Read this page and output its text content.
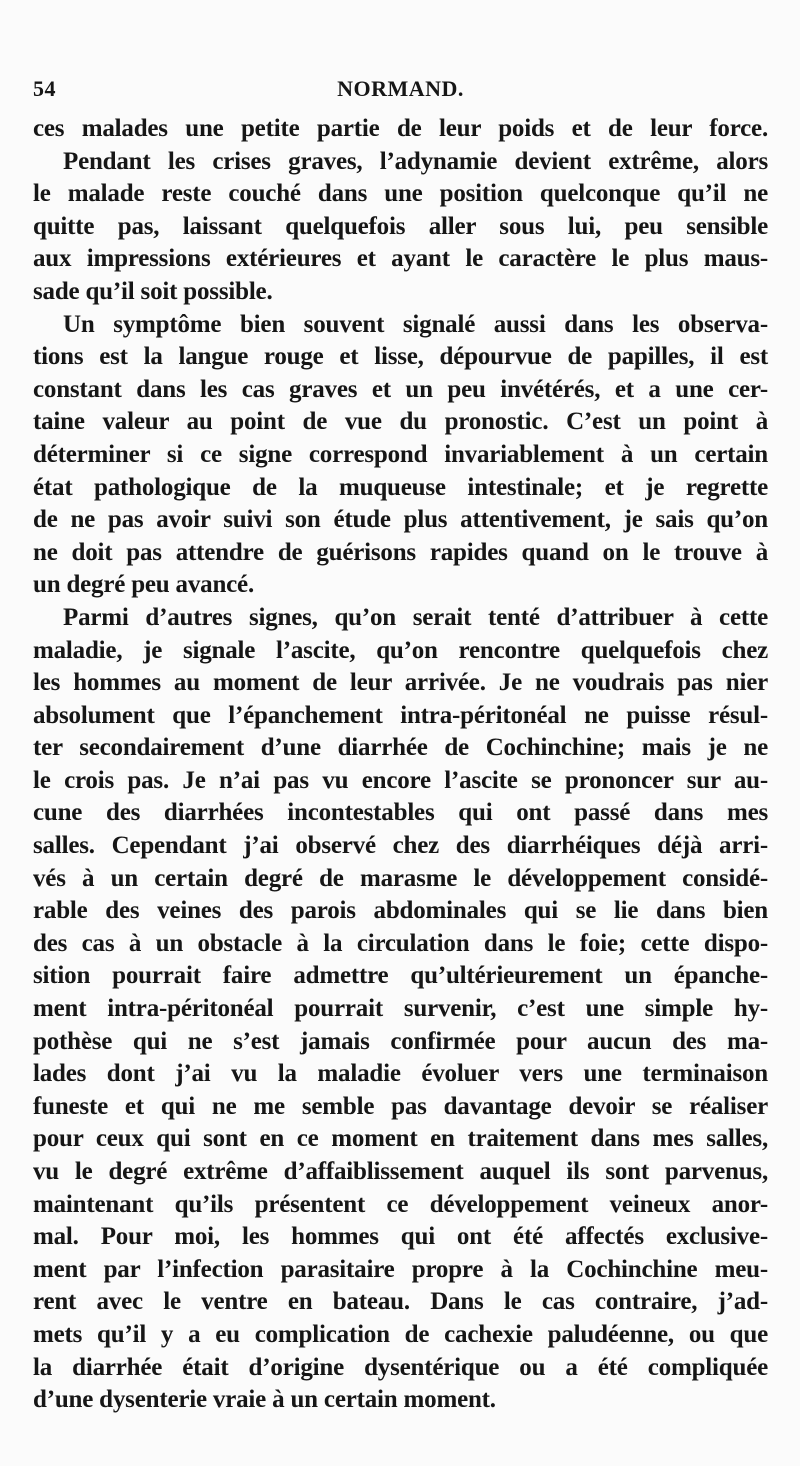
54	NORMAND.
ces malades une petite partie de leur poids et de leur force.
Pendant les crises graves, l’adynamie devient extrême, alors
le malade reste couché dans une position quelconque qu’il ne
quitte pas, laissant quelquefois aller sous lui, peu sensible
aux impressions extérieures et ayant le caractère le plus maus-
sade qu’il soit possible.
Un symptôme bien souvent signalé aussi dans les observa-
tions est la langue rouge et lisse, dépourvue de papilles, il est
constant dans les cas graves et un peu invétérés, et a une cer-
taine valeur au point de vue du pronostic. C’est un point à
déterminer si ce signe correspond invariablement à un certain
état pathologique de la muqueuse intestinale; et je regrette
de ne pas avoir suivi son étude plus attentivement, je sais qu’on
ne doit pas attendre de guérisons rapides quand on le trouve à
un degré peu avancé.
Parmi d’autres signes, qu’on serait tenté d’attribuer à cette
maladie, je signale l’ascite, qu’on rencontre quelquefois chez
les hommes au moment de leur arrivée. Je ne voudrais pas nier
absolument que l’épanchement intra-péritonéal ne puisse résul-
ter secondairement d’une diarrhée de Cochinchine; mais je ne
le crois pas. Je n’ai pas vu encore l’ascite se prononcer sur au-
cune des diarrhées incontestables qui ont passé dans mes
salles. Cependant j’ai observé chez des diarrhéiques déjà arri-
vés à un certain degré de marasme le développement considé-
rable des veines des parois abdominales qui se lie dans bien
des cas à un obstacle à la circulation dans le foie; cette dispo-
sition pourrait faire admettre qu’ultérieurement un épanche-
ment intra-péritonéal pourrait survenir, c’est une simple hy-
pothèse qui ne s’est jamais confirmée pour aucun des ma-
lades dont j’ai vu la maladie évoluer vers une terminaison
funeste et qui ne me semble pas davantage devoir se réaliser
pour ceux qui sont en ce moment en traitement dans mes salles,
vu le degré extrême d’affaiblissement auquel ils sont parvenus,
maintenant qu’ils présentent ce développement veineux anor-
mal. Pour moi, les hommes qui ont été affectés exclusive-
ment par l’infection parasitaire propre à la Cochinchine meu-
rent avec le ventre en bateau. Dans le cas contraire, j’ad-
mets qu’il y a eu complication de cachexie paludéenne, ou que
la diarrhée était d’origine dysentérique ou a été compliquée
d’une dysenterie vraie à un certain moment.
